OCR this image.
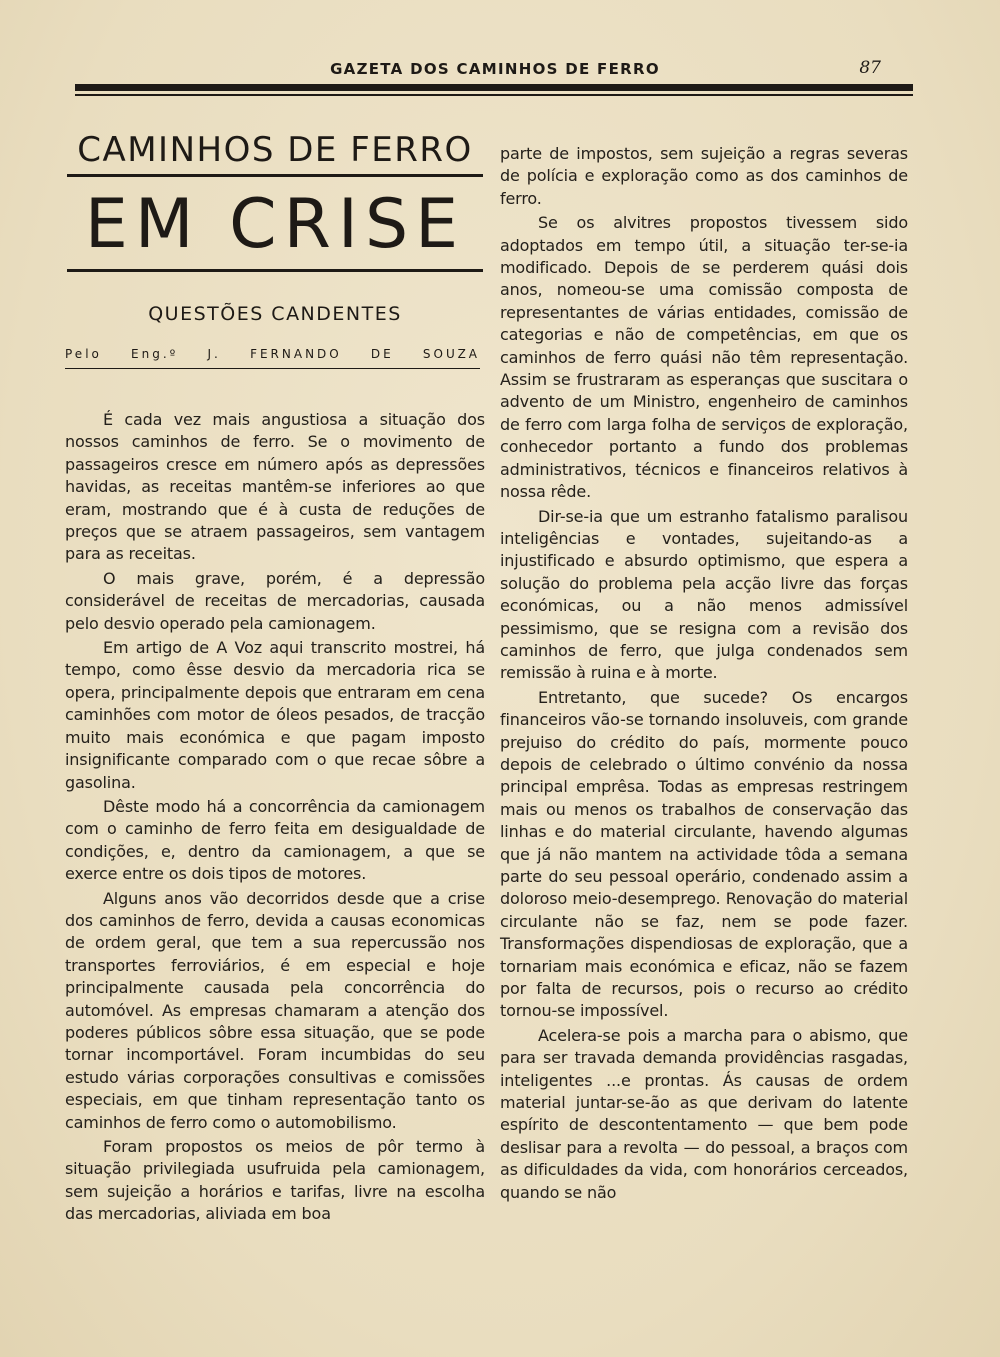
GAZETA DOS CAMINHOS DE FERRO	87
CAMINHOS DE FERRO
EM CRISE
QUESTÕES CANDENTES
Pelo Eng.º J. FERNANDO DE SOUZA

É cada vez mais angustiosa a situação dos nossos caminhos de ferro. Se o movimento de passageiros cresce em número após as depressões havidas, as receitas mantêm-se inferiores ao que eram, mostrando que é à custa de reduções de preços que se atraem passageiros, sem vantagem para as receitas.

O mais grave, porém, é a depressão considerável de receitas de mercadorias, causada pelo desvio operado pela camionagem.

Em artigo de A Voz aqui transcrito mostrei, há tempo, como êsse desvio da mercadoria rica se opera, principalmente depois que entraram em cena caminhões com motor de óleos pesados, de tracção muito mais económica e que pagam imposto insignificante comparado com o que recae sôbre a gasolina.

Dêste modo há a concorrência da camionagem com o caminho de ferro feita em desigualdade de condições, e, dentro da camionagem, a que se exerce entre os dois tipos de motores.

Alguns anos vão decorridos desde que a crise dos caminhos de ferro, devida a causas economicas de ordem geral, que tem a sua repercussão nos transportes ferroviários, é em especial e hoje principalmente causada pela concorrência do automóvel. As empresas chamaram a atenção dos poderes públicos sôbre essa situação, que se pode tornar incomportável. Foram incumbidas do seu estudo várias corporações consultivas e comissões especiais, em que tinham representação tanto os caminhos de ferro como o automobilismo.

Foram propostos os meios de pôr termo à situação privilegiada usufruida pela camionagem, sem sujeição a horários e tarifas, livre na escolha das mercadorias, aliviada em boa

parte de impostos, sem sujeição a regras severas de polícia e exploração como as dos caminhos de ferro.

Se os alvitres propostos tivessem sido adoptados em tempo útil, a situação ter-se-ia modificado. Depois de se perderem quási dois anos, nomeou-se uma comissão composta de representantes de várias entidades, comissão de categorias e não de competências, em que os caminhos de ferro quási não têm representação. Assim se frustraram as esperanças que suscitara o advento de um Ministro, engenheiro de caminhos de ferro com larga folha de serviços de exploração, conhecedor portanto a fundo dos problemas administrativos, técnicos e financeiros relativos à nossa rêde.

Dir-se-ia que um estranho fatalismo paralisou inteligências e vontades, sujeitando-as a injustificado e absurdo optimismo, que espera a solução do problema pela acção livre das forças económicas, ou a não menos admissível pessimismo, que se resigna com a revisão dos caminhos de ferro, que julga condenados sem remissão à ruina e à morte.

Entretanto, que sucede? Os encargos financeiros vão-se tornando insoluveis, com grande prejuiso do crédito do país, mormente pouco depois de celebrado o último convénio da nossa principal emprêsa. Todas as empresas restringem mais ou menos os trabalhos de conservação das linhas e do material circulante, havendo algumas que já não mantem na actividade tôda a semana parte do seu pessoal operário, condenado assim a doloroso meio-desemprego. Renovação do material circulante não se faz, nem se pode fazer. Transformações dispendiosas de exploração, que a tornariam mais económica e eficaz, não se fazem por falta de recursos, pois o recurso ao crédito tornou-se impossível.

Acelera-se pois a marcha para o abismo, que para ser travada demanda providências rasgadas, inteligentes ...e prontas. Ás causas de ordem material juntar-se-ão as que derivam do latente espírito de descontentamento — que bem pode deslisar para a revolta — do pessoal, a braços com as dificuldades da vida, com honorários cerceados, quando se não
